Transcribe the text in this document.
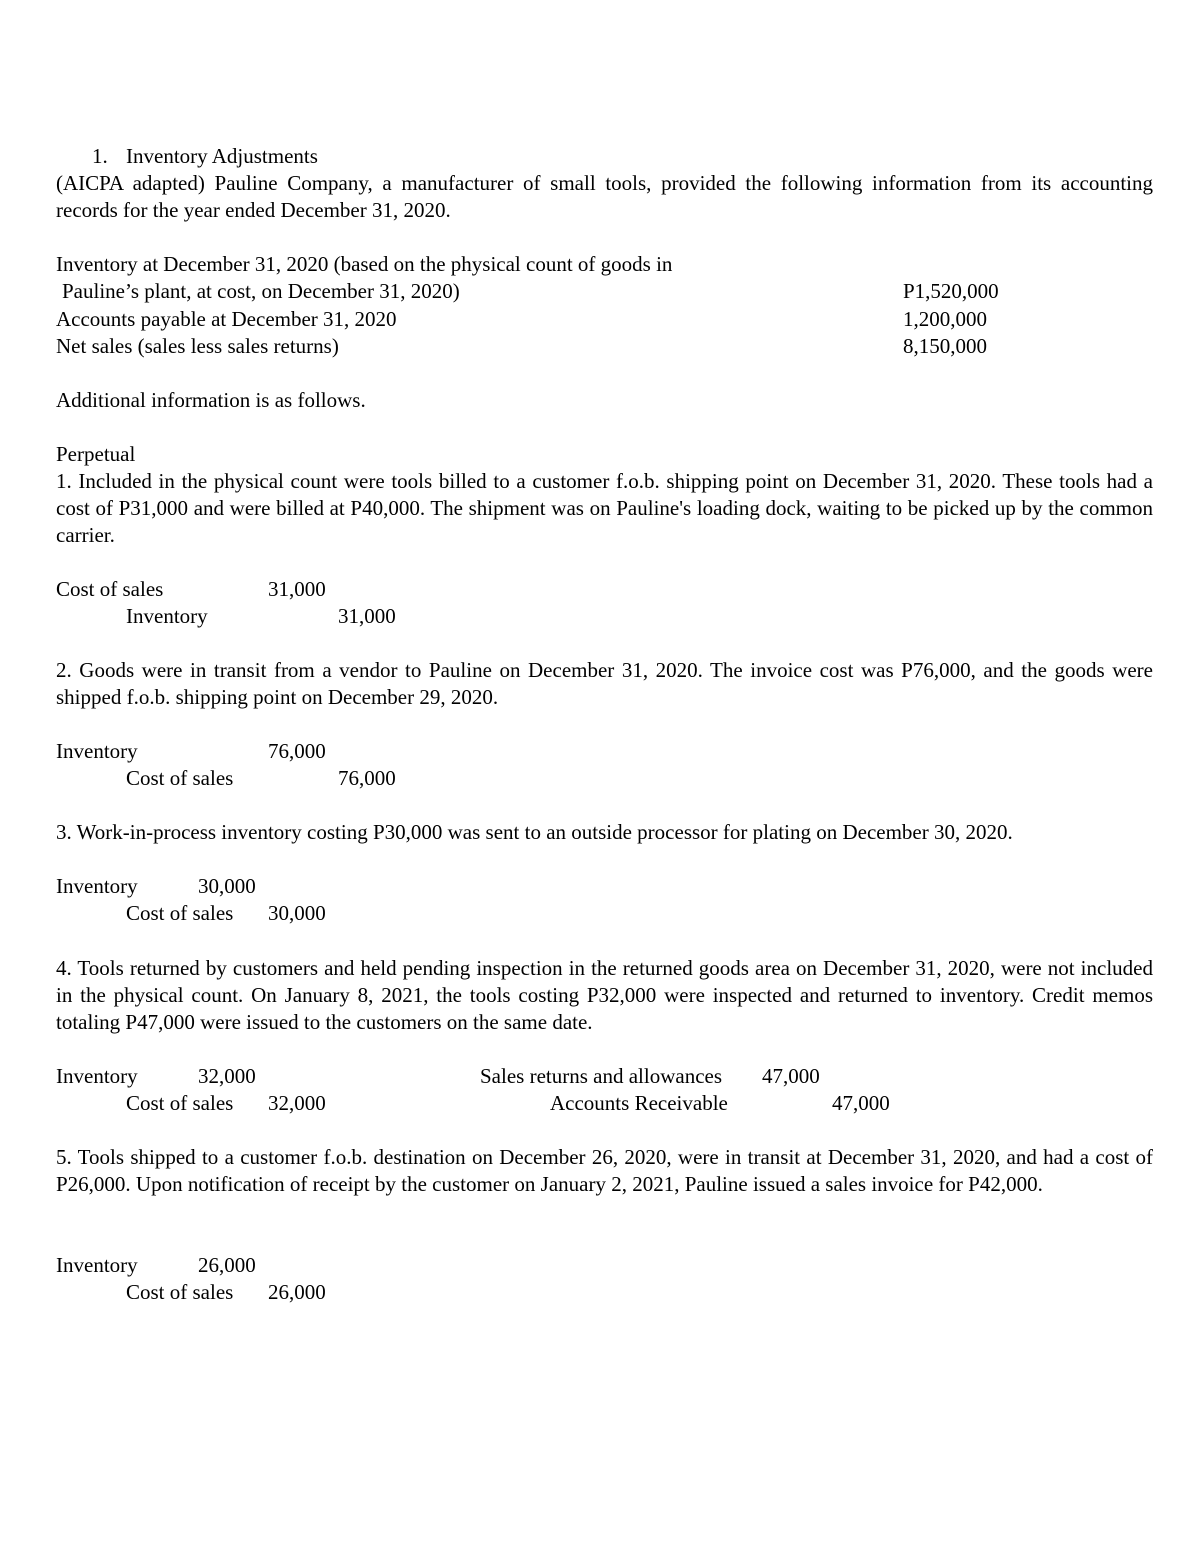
1. Inventory Adjustments
(AICPA adapted) Pauline Company, a manufacturer of small tools, provided the following information from its accounting records for the year ended December 31, 2020.
Inventory at December 31, 2020 (based on the physical count of goods in
Pauline’s plant, at cost, on December 31, 2020)	P1,520,000
Accounts payable at December 31, 2020	1,200,000
Net sales (sales less sales returns)	8,150,000
Additional information is as follows.
Perpetual
1. Included in the physical count were tools billed to a customer f.o.b. shipping point on December 31, 2020. These tools had a cost of P31,000 and were billed at P40,000. The shipment was on Pauline's loading dock, waiting to be picked up by the common carrier.
Cost of sales	31,000
Inventory	31,000
2. Goods were in transit from a vendor to Pauline on December 31, 2020. The invoice cost was P76,000, and the goods were shipped f.o.b. shipping point on December 29, 2020.
Inventory	76,000
Cost of sales	76,000
3. Work-in-process inventory costing P30,000 was sent to an outside processor for plating on December 30, 2020.
Inventory	30,000
Cost of sales 30,000
4. Tools returned by customers and held pending inspection in the returned goods area on December 31, 2020, were not included in the physical count. On January 8, 2021, the tools costing P32,000 were inspected and returned to inventory. Credit memos totaling P47,000 were issued to the customers on the same date.
Inventory	32,000
Cost of sales 32,000
Sales returns and allowances 47,000
Accounts Receivable	47,000
5. Tools shipped to a customer f.o.b. destination on December 26, 2020, were in transit at December 31, 2020, and had a cost of P26,000. Upon notification of receipt by the customer on January 2, 2021, Pauline issued a sales invoice for P42,000.
Inventory	26,000
Cost of sales 26,000
